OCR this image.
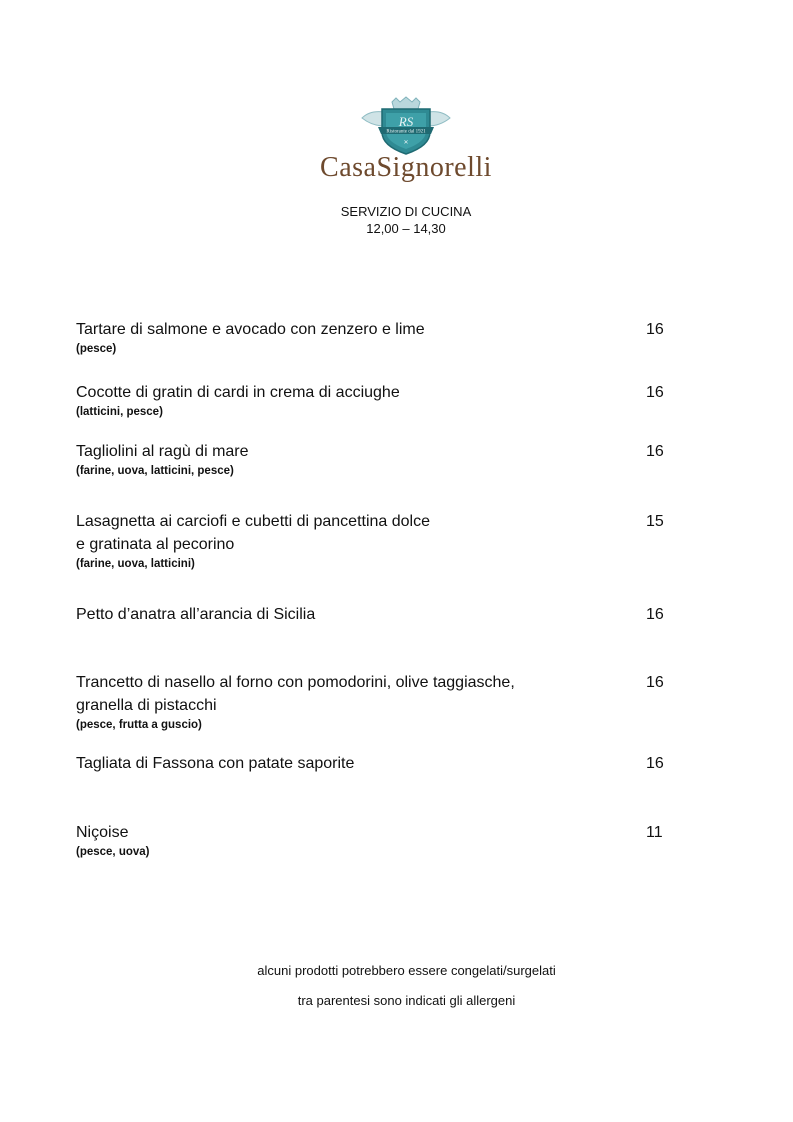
Ristorante dal 1921
RS
✕
CasaSignorelli
SERVIZIO DI CUCINA
12,00 – 14,30
Tartare di salmone e avocado con zenzero e lime
(pesce)
16
Cocotte di gratin di cardi in crema di acciughe
(latticini, pesce)
16
Tagliolini al ragù di mare
(farine, uova, latticini, pesce)
16
Lasagnetta ai carciofi e cubetti di pancettina dolce
e gratinata al pecorino
(farine, uova, latticini)
15
Petto d’anatra all’arancia di Sicilia	16
Trancetto di nasello al forno con pomodorini, olive taggiasche,
granella di pistacchi
(pesce, frutta a guscio)
16
Tagliata di Fassona con patate saporite	16
Niçoise
(pesce, uova)
11
alcuni prodotti potrebbero essere congelati/surgelati
tra parentesi sono indicati gli allergeni
